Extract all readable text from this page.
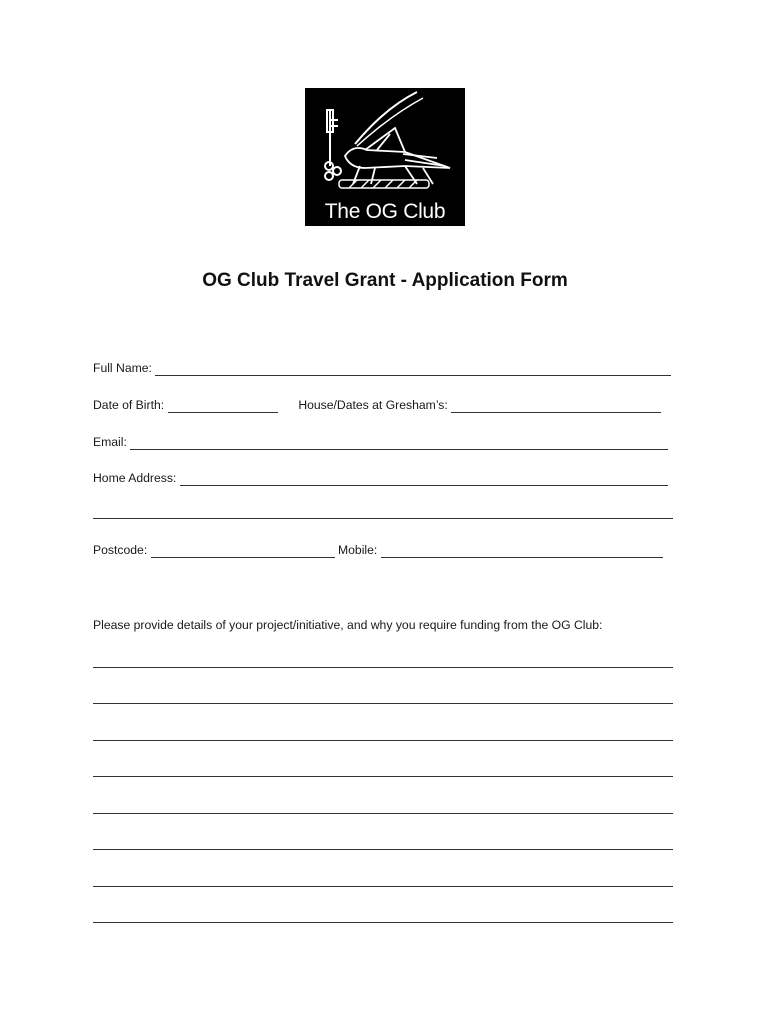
The OG Club
OG Club Travel Grant - Application Form
Full Name:
Date of Birth:	House/Dates at Gresham’s:
Email:
Home Address:
Postcode:	Mobile:
Please provide details of your project/initiative, and why you require funding from the OG Club:
